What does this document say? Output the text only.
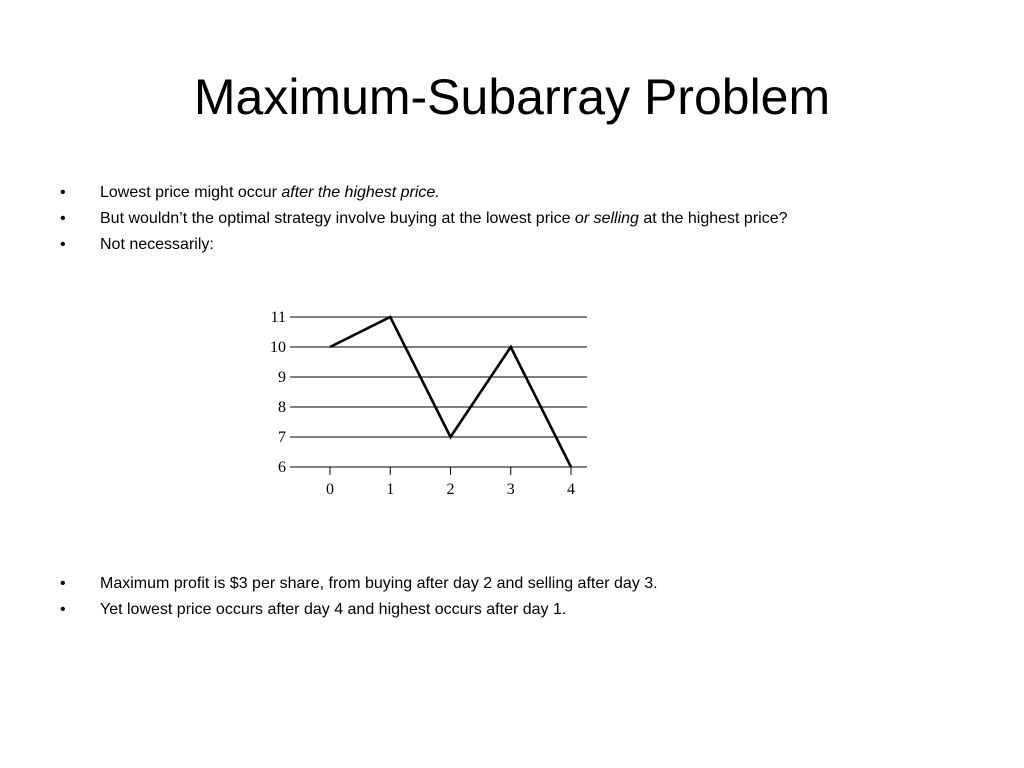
Maximum-Subarray Problem
• Lowest price might occur after the highest price.
• But wouldn’t the optimal strategy involve buying at the lowest price or selling at the highest price?
• Not necessarily:
6
7
8
9
10
11
0	1	2	3	4
• Maximum profit is $3 per share, from buying after day 2 and selling after day 3.
• Yet lowest price occurs after day 4 and highest occurs after day 1.
